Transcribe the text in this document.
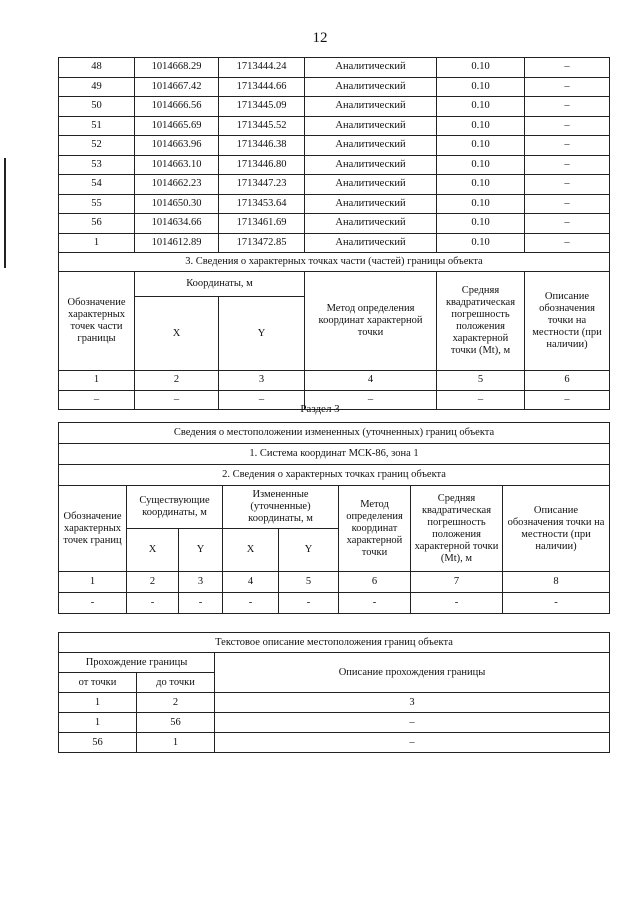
12
48	1014668.29	1713444.24	Аналитический	0.10	–
49	1014667.42	1713444.66	Аналитический	0.10	–
50	1014666.56	1713445.09	Аналитический	0.10	–
51	1014665.69	1713445.52	Аналитический	0.10	–
52	1014663.96	1713446.38	Аналитический	0.10	–
53	1014663.10	1713446.80	Аналитический	0.10	–
54	1014662.23	1713447.23	Аналитический	0.10	–
55	1014650.30	1713453.64	Аналитический	0.10	–
56	1014634.66	1713461.69	Аналитический	0.10	–
1	1014612.89	1713472.85	Аналитический	0.10	–
3. Сведения о характерных точках части (частей) границы объекта					
Обозначение характерных точек части границы	Координаты, м		Метод определения координат характерной точки	Средняя квадратическая погрешность положения характерной точки (Mt), м	Описание обозначения точки на местности (при наличии)
	X	Y			
1	2	3	4	5	6
–	–	–	–	–	–
Раздел 3
Сведения о местоположении измененных (уточненных) границ объекта							
1. Система координат МСК-86, зона 1							
2. Сведения о характерных точках границ объекта							
Обозначение характерных точек границ	Существующие координаты, м		Измененные (уточненные) координаты, м		Метод определения координат характерной точки	Средняя квадратическая погрешность положения характерной точки (Mt), м	Описание обозначения точки на местности (при наличии)
	X	Y	X	Y			
1	2	3	4	5	6	7	8
-	-	-	-	-	-	-	-
Текстовое описание местоположения границ объекта		
Прохождение границы		Описание прохождения границы
от точки	до точки	
1	2	3
1	56	–
56	1	–
